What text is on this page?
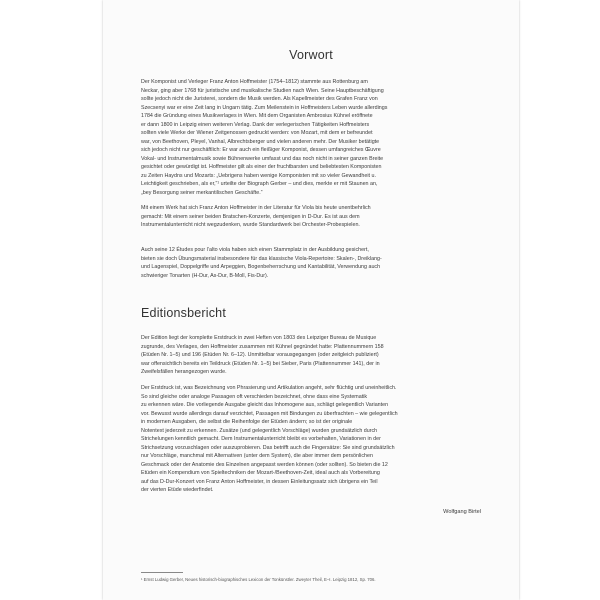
Vorwort
Der Komponist und Verleger Franz Anton Hoffmeister (1754–1812) stammte aus Rottenburg am
Neckar, ging aber 1768 für juristische und musikalische Studien nach Wien. Seine Hauptbeschäftigung
sollte jedoch nicht die Juristerei, sondern die Musik werden. Als Kapellmeister des Grafen Franz von
Szecsenyi war er eine Zeit lang in Ungarn tätig. Zum Meilenstein in Hoffmeisters Leben wurde allerdings
1784 die Gründung eines Musikverlages in Wien. Mit dem Organisten Ambrosius Kühnel eröffnete
er dann 1800 in Leipzig einen weiteren Verlag. Dank der verlegerischen Tätigkeiten Hoffmeisters
sollten viele Werke der Wiener Zeitgenossen gedruckt werden: von Mozart, mit dem er befreundet
war, von Beethoven, Pleyel, Vanhal, Albrechtsberger und vielen anderen mehr. Der Musiker betätigte
sich jedoch nicht nur geschäftlich: Er war auch ein fleißiger Komponist, dessen umfangreiches Œuvre
Vokal- und Instrumentalmusik sowie Bühnenwerke umfasst und das noch nicht in seiner ganzen Breite
gesichtet oder gewürdigt ist. Hoffmeister gilt als einer der fruchtbarsten und beliebtesten Komponisten
zu Zeiten Haydns und Mozarts: „Uebrigens haben wenige Komponisten mit so vieler Gewandheit u.
Leichtigkeit geschrieben, als er,“¹ urteilte der Biograph Gerber – und dies, merkte er mit Staunen an,
„bey Besorgung seiner merkantilischen Geschäfte.“
Mit einem Werk hat sich Franz Anton Hoffmeister in der Literatur für Viola bis heute unentbehrlich
gemacht: Mit einem seiner beiden Bratschen-Konzerte, demjenigen in D-Dur. Es ist aus dem
Instrumentalunterricht nicht wegzudenken, wurde Standardwerk bei Orchester-Probespielen.
Auch seine 12 Études pour l’alto viola haben sich einen Stammplatz in der Ausbildung gesichert,
bieten sie doch Übungsmaterial insbesondere für das klassische Viola-Repertoire: Skalen-, Dreiklang-
und Lagenspiel, Doppelgriffe und Arpeggien, Bogenbeherrschung und Kantabilität, Verwendung auch
schwieriger Tonarten (H-Dur, As-Dur, B-Moll, Fis-Dur).
Editionsbericht
Der Edition liegt der komplette Erstdruck in zwei Heften von 1803 des Leipziger Bureau de Musique
zugrunde, des Verlages, den Hoffmeister zusammen mit Kühnel gegründet hatte: Plattennummern 158
(Etüden Nr. 1–5) und 196 (Etüden Nr. 6–12). Unmittelbar vorausgegangen (oder zeitgleich publiziert)
war offensichtlich bereits ein Teildruck (Etüden Nr. 1–5) bei Sieber, Paris (Plattennummer 141), der in
Zweifelsfällen herangezogen wurde.
Der Erstdruck ist, was Bezeichnung von Phrasierung und Artikulation angeht, sehr flüchtig und uneinheitlich.
So sind gleiche oder analoge Passagen oft verschieden bezeichnet, ohne dass eine Systematik
zu erkennen wäre. Die vorliegende Ausgabe gleicht das Inhomogene aus, schlägt gelegentlich Varianten
vor. Bewusst wurde allerdings darauf verzichtet, Passagen mit Bindungen zu überfrachten – wie gelegentlich
in modernen Ausgaben, die selbst die Reihenfolge der Etüden ändern; so ist der originale
Notentext jederzeit zu erkennen. Zusätze (und gelegentlich Vorschläge) wurden grundsätzlich durch
Strichelungen kenntlich gemacht. Dem Instrumentalunterricht bleibt es vorbehalten, Variationen in der
Strichsetzung vorzuschlagen oder auszuprobieren. Das betrifft auch die Fingersätze: Sie sind grundsätzlich
nur Vorschläge, manchmal mit Alternativen (unter dem System), die aber immer dem persönlichen
Geschmack oder der Anatomie des Einzelnen angepasst werden können (oder sollten). So bieten die 12
Etüden ein Kompendium von Spieltechniken der Mozart-/Beethoven-Zeit, ideal auch als Vorbereitung
auf das D-Dur-Konzert von Franz Anton Hoffmeister, in dessen Einleitungssatz sich übrigens ein Teil
der vierten Etüde wiederfindet.
Wolfgang Birtel
¹ Ernst Ludwig Gerber, Neues historisch-biographisches Lexicon der Tonkünstler. Zweyter Theil, E–I. Leipzig 1812, Sp. 706.
